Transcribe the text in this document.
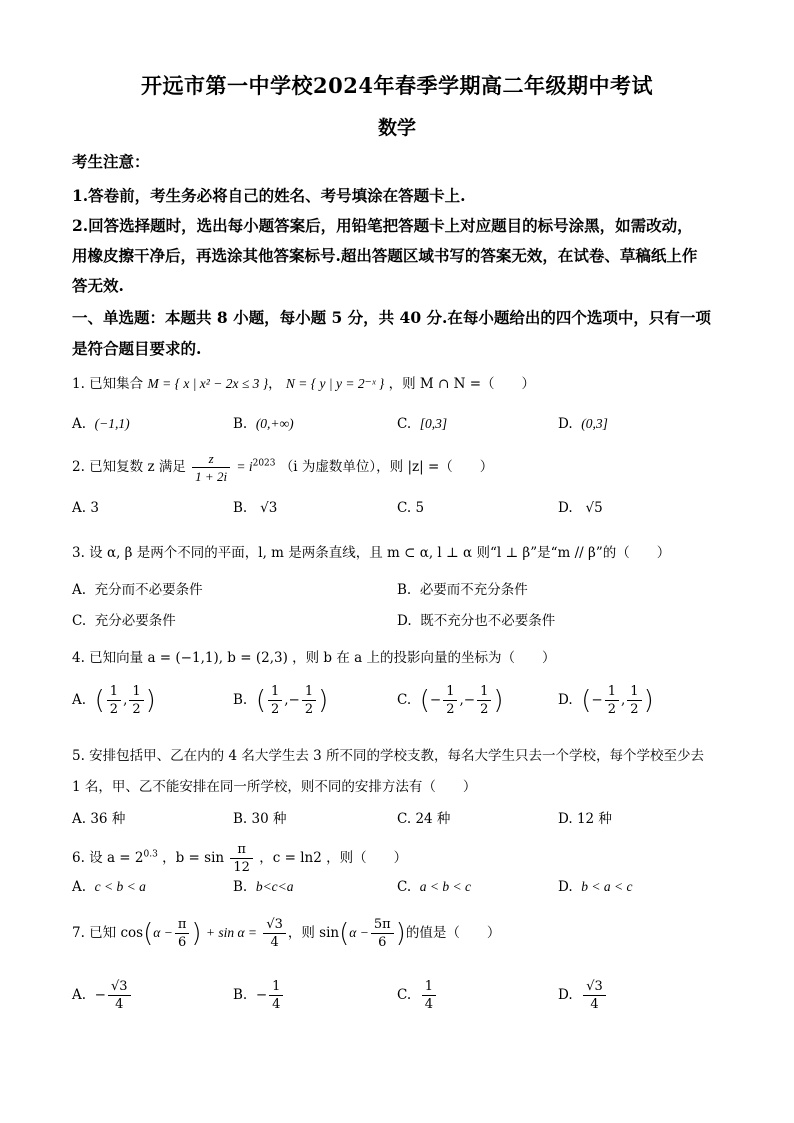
开远市第一中学校2024年春季学期高二年级期中考试
数学
考生注意：
1.答卷前，考生务必将自己的姓名、考号填涂在答题卡上.
2.回答选择题时，选出每小题答案后，用铅笔把答题卡上对应题目的标号涂黑，如需改动，
用橡皮擦干净后，再选涂其他答案标号.超出答题区域书写的答案无效，在试卷、草稿纸上作
答无效.
一、单选题：本题共 8 小题，每小题 5 分，共 40 分.在每小题给出的四个选项中，只有一项
是符合题目要求的.
1. 已知集合 M = { x | x² − 2x ≤ 3 }， N = { y | y = 2⁻ˣ } ，则 M ∩ N =（　　）
A. (−1,1)	B. (0,+∞)	C. [0,3]	D. (0,3]
2. 已知复数 z 满足 $\frac{z}{1 + 2i} = i^{2023}$ （i 为虚数单位），则 |z| =（　　）
A. 3	B. √3	C. 5	D. √5
3. 设 α, β 是两个不同的平面，l, m 是两条直线，且 m ⊂ α, l ⊥ α 则“l ⊥ β”是“m // β”的（　　）
A. 充分而不必要条件	B. 必要而不充分条件
C. 充分必要条件	D. 既不充分也不必要条件
4. 已知向量 a = (−1,1), b = (2,3) ，则 b 在 a 上的投影向量的坐标为（　　）
A. ( $\frac{1}{2}$ , $\frac{1}{2}$ )	B. ( $\frac{1}{2}$ ,− $\frac{1}{2}$ )	C. (− $\frac{1}{2}$ ,− $\frac{1}{2}$ )	D. (− $\frac{1}{2}$ , $\frac{1}{2}$ )
5. 安排包括甲、乙在内的 4 名大学生去 3 所不同的学校支教，每名大学生只去一个学校，每个学校至少去
1 名，甲、乙不能安排在同一所学校，则不同的安排方法有（　　）
A. 36 种	B. 30 种	C. 24 种	D. 12 种
6. 设 $a = 2^{0.3}$ ，$b = \sin \frac{\pi}{12}$ ，c = ln2 ，则（　　）
A. c < b < a	B. b<c<a	C. a < b < c	D. b < a < c
7. 已知 $\cos(\alpha - \frac{\pi}{6}$ ) + $\sin \alpha = \frac{√3}{4}$ ，则 $\sin(\alpha - \frac{5\pi}{6}$ )的值是（　　）
A. − $\frac{√3}{4}$	B. − $\frac{1}{4}$	C. $\frac{1}{4}$	D. $\frac{√3}{4}$
